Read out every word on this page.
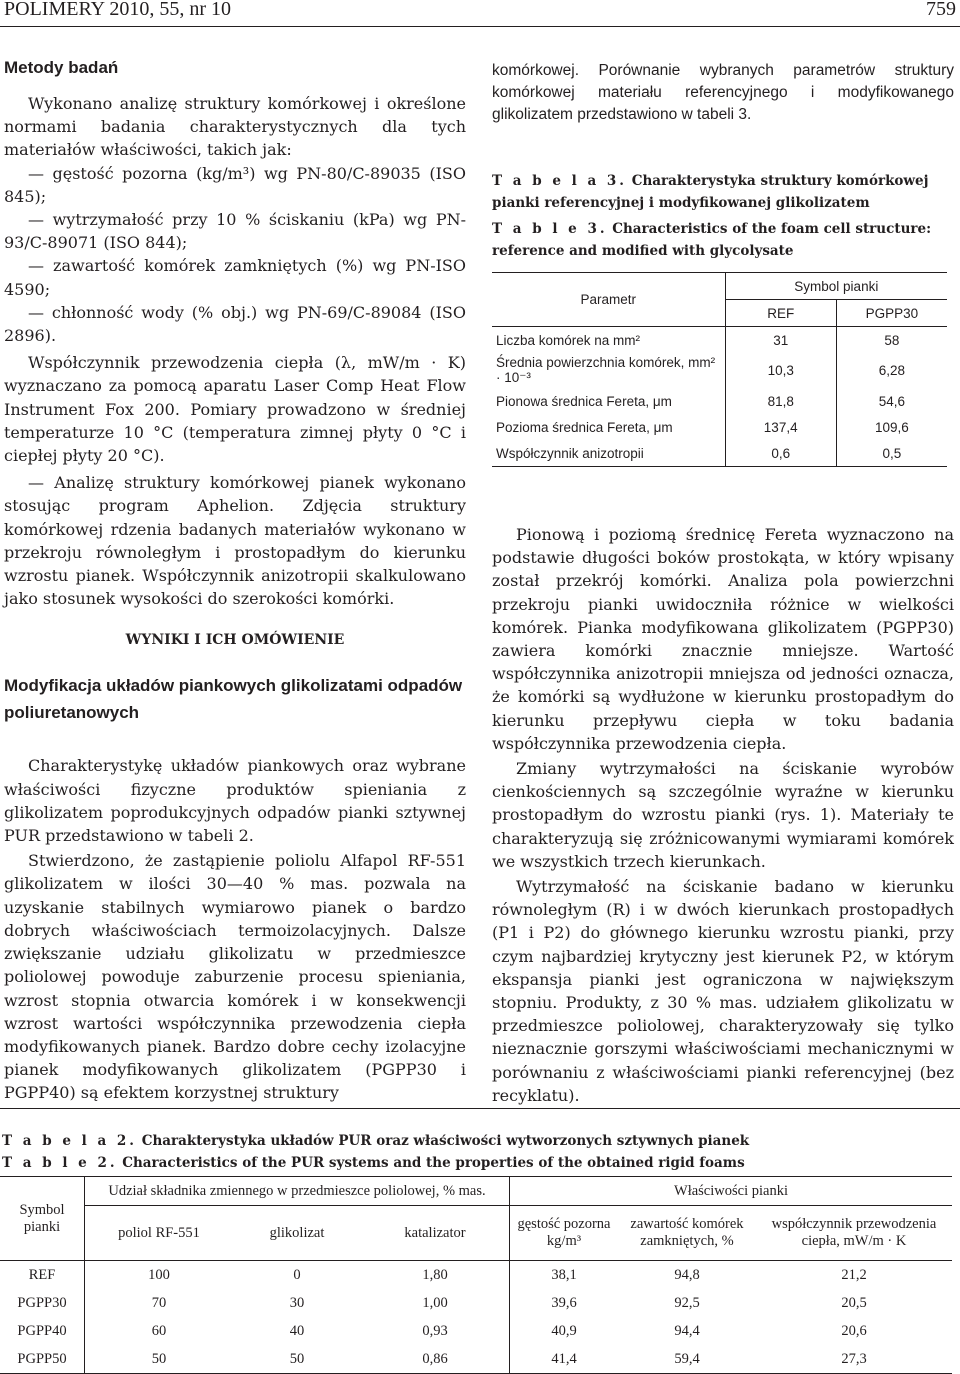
POLIMERY 2010, 55, nr 10	759
Metody badań

Wykonano analizę struktury komórkowej i określone normami badania charakterystycznych dla tych materiałów właściwości, takich jak:

— gęstość pozorna (kg/m³) wg PN-80/C-89035 (ISO 845);

— wytrzymałość przy 10 % ściskaniu (kPa) wg PN-93/C-89071 (ISO 844);

— zawartość komórek zamkniętych (%) wg PN-ISO 4590;

— chłonność wody (% obj.) wg PN-69/C-89084 (ISO 2896).

Współczynnik przewodzenia ciepła (λ, mW/m · K) wyznaczano za pomocą aparatu Laser Comp Heat Flow Instrument Fox 200. Pomiary prowadzono w średniej temperaturze 10 °C (temperatura zimnej płyty 0 °C i ciepłej płyty 20 °C).

— Analizę struktury komórkowej pianek wykonano stosując program Aphelion. Zdjęcia struktury komórkowej rdzenia badanych materiałów wykonano w przekroju równoległym i prostopadłym do kierunku wzrostu pianek. Współczynnik anizotropii skalkulowano jako stosunek wysokości do szerokości komórki.

WYNIKI I ICH OMÓWIENIE
Modyfikacja układów piankowych glikolizatami odpadów poliuretanowych

Charakterystykę układów piankowych oraz wybrane właściwości fizyczne produktów spieniania z glikolizatem poprodukcyjnych odpadów pianki sztywnej PUR przedstawiono w tabeli 2.

Stwierdzono, że zastąpienie poliolu Alfapol RF-551 glikolizatem w ilości 30—40 % mas. pozwala na uzyskanie stabilnych wymiarowo pianek o bardzo dobrych właściwościach termoizolacyjnych. Dalsze zwiększanie udziału glikolizatu w przedmieszce poliolowej powoduje zaburzenie procesu spieniania, wzrost stopnia otwarcia komórek i w konsekwencji wzrost wartości współczynnika przewodzenia ciepła modyfikowanych pianek. Bardzo dobre cechy izolacyjne pianek modyfikowanych glikolizatem (PGPP30 i PGPP40) są efektem korzystnej struktury

komórkowej. Porównanie wybranych parametrów struktury komórkowej materiału referencyjnego i modyfikowanego glikolizatem przedstawiono w tabeli 3.

T a b e l a 3. Charakterystyka struktury komórkowej pianki referencyjnej i modyfikowanej glikolizatem

T a b l e 3. Characteristics of the foam cell structure: reference and modified with glycolysate

Parametr	Symbol pianki	
	REF	PGPP30
Liczba komórek na mm²	31	58
Średnia powierzchnia komórek, mm² · 10⁻³	10,3	6,28
Pionowa średnica Fereta, μm	81,8	54,6
Pozioma średnica Fereta, μm	137,4	109,6
Współczynnik anizotropii	0,6	0,5

Pionową i poziomą średnicę Fereta wyznaczono na podstawie długości boków prostokąta, w który wpisany został przekrój komórki. Analiza pola powierzchni przekroju pianki uwidoczniła różnice w wielkości komórek. Pianka modyfikowana glikolizatem (PGPP30) zawiera komórki znacznie mniejsze. Wartość współczynnika anizotropii mniejsza od jedności oznacza, że komórki są wydłużone w kierunku prostopadłym do kierunku przepływu ciepła w toku badania współczynnika przewodzenia ciepła.

Zmiany wytrzymałości na ściskanie wyrobów cienkościennych są szczególnie wyraźne w kierunku prostopadłym do wzrostu pianki (rys. 1). Materiały te charakteryzują się zróżnicowanymi wymiarami komórek we wszystkich trzech kierunkach.

Wytrzymałość na ściskanie badano w kierunku równoległym (R) i w dwóch kierunkach prostopadłych (P1 i P2) do głównego kierunku wzrostu pianki, przy czym najbardziej krytyczny jest kierunek P2, w którym ekspansja pianki jest ograniczona w największym stopniu. Produkty, z 30 % mas. udziałem glikolizatu w przedmieszce poliolowej, charakteryzowały się tylko nieznacznie gorszymi właściwościami mechanicznymi w porównaniu z właściwościami pianki referencyjnej (bez recyklatu).

T a b e l a 2. Charakterystyka układów PUR oraz właściwości wytworzonych sztywnych pianek

T a b l e 2. Characteristics of the PUR systems and the properties of the obtained rigid foams

Symbol pianki	Udział składnika zmiennego w przedmieszce poliolowej, % mas.			Właściwości pianki		
	poliol RF-551	glikolizat	katalizator	gęstość pozorna kg/m³	zawartość komórek zamkniętych, %	współczynnik przewodzenia ciepła, mW/m · K
REF	100	0	1,80	38,1	94,8	21,2
PGPP30	70	30	1,00	39,6	92,5	20,5
PGPP40	60	40	0,93	40,9	94,4	20,6
PGPP50	50	50	0,86	41,4	59,4	27,3
